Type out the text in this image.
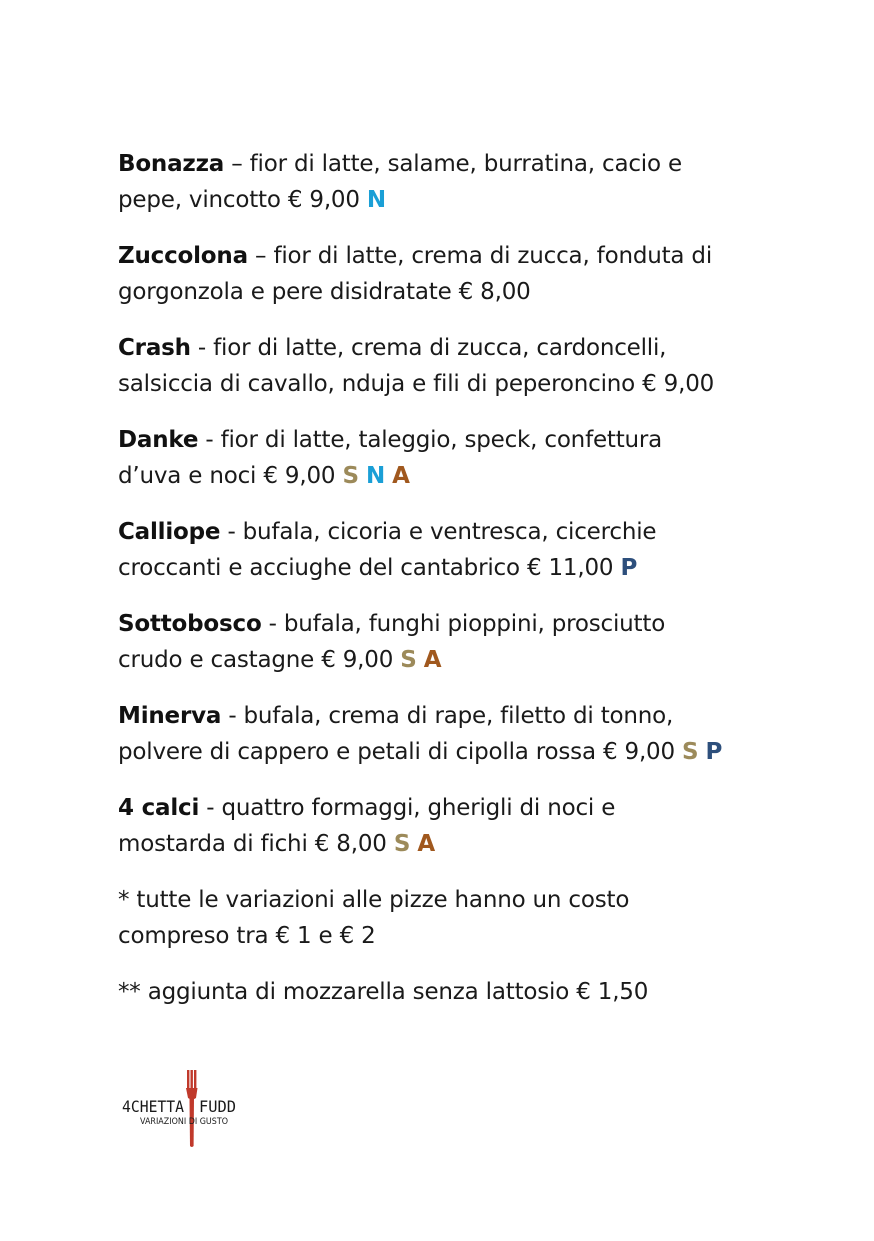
Bonazza – fior di latte, salame, burratina, cacio e
pepe, vincotto € 9,00 N
Zuccolona – fior di latte, crema di zucca, fonduta di
gorgonzola e pere disidratate € 8,00
Crash - fior di latte, crema di zucca, cardoncelli,
salsiccia di cavallo, nduja e fili di peperoncino € 9,00
Danke - fior di latte, taleggio, speck, confettura
d’uva e noci € 9,00 S N A
Calliope - bufala, cicoria e ventresca, cicerchie
croccanti e acciughe del cantabrico € 11,00 P
Sottobosco - bufala, funghi pioppini, prosciutto
crudo e castagne € 9,00 S A
Minerva - bufala, crema di rape, filetto di tonno,
polvere di cappero e petali di cipolla rossa € 9,00 S P
4 calci - quattro formaggi, gherigli di noci e
mostarda di fichi € 8,00 S A
* tutte le variazioni alle pizze hanno un costo
compreso tra € 1 e € 2
** aggiunta di mozzarella senza lattosio € 1,50
4CHETTA FUDD
VARIAZIONI DI GUSTO
